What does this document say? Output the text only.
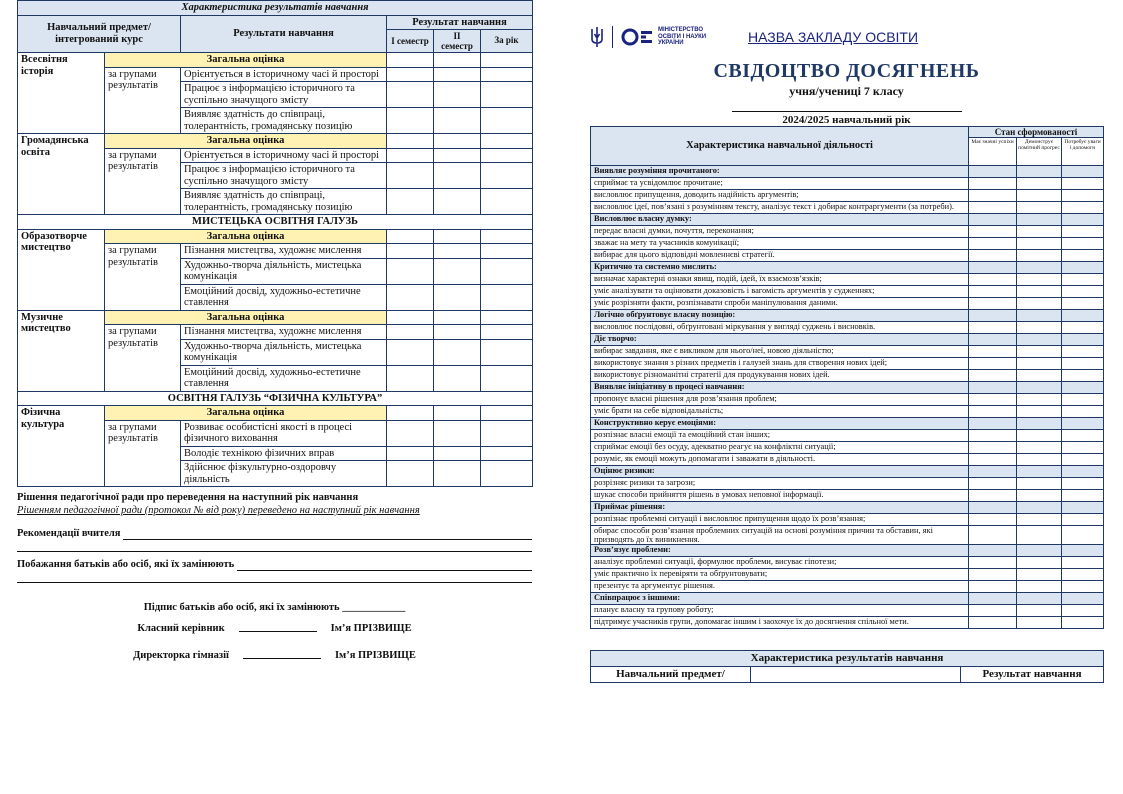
Характеристика результатів навчання					
Навчальний предмет/ інтегрований курс		Результати навчання	Результат навчання		
			I семестр	II семестр	За рік
Всесвітня історія	Загальна оцінка				
	за групами результатів	Орієнтується в історичному часі й просторі			
		Працює з інформацією історичного та суспільно значущого змісту			
		Виявляє здатність до співпраці, толерантність, громадянську позицію			
Громадянська освіта	Загальна оцінка				
	за групами результатів	Орієнтується в історичному часі й просторі			
		Працює з інформацією історичного та суспільно значущого змісту			
		Виявляє здатність до співпраці, толерантність, громадянську позицію			
МИСТЕЦЬКА ОСВІТНЯ ГАЛУЗЬ					
Образотворче мистецтво	Загальна оцінка				
	за групами результатів	Пізнання мистецтва, художнє мислення			
		Художньо-творча діяльність, мистецька комунікація			
		Емоційний досвід, художньо-естетичне ставлення			
Музичне мистецтво	Загальна оцінка				
	за групами результатів	Пізнання мистецтва, художнє мислення			
		Художньо-творча діяльність, мистецька комунікація			
		Емоційний досвід, художньо-естетичне ставлення			
ОСВІТНЯ ГАЛУЗЬ “ФІЗИЧНА КУЛЬТУРА”					
Фізична культура	Загальна оцінка				
	за групами результатів	Розвиває особистісні якості в процесі фізичного виховання			
		Володіє технікою фізичних вправ			
		Здійснює фізкультурно-оздоровчу діяльність			
Рішення педагогічної ради про переведення на наступний рік навчання
Рішенням педагогічної ради (протокол № від року) переведено на наступний рік навчання
Рекомендації вчителя
Побажання батьків або осіб, які їх замінюють
Підпис батьків або осіб, які їх замінюють ____________
Класний керівник	Ім’я ПРІЗВИЩЕ
Директорка гімназії	Ім’я ПРІЗВИЩЕ
МІНІСТЕРСТВО ОСВІТИ І НАУКИ УКРАЇНИ	НАЗВА ЗАКЛАДУ ОСВІТИ
СВІДОЦТВО ДОСЯГНЕНЬ
учня/учениці 7 класу
2024/2025 навчальний рік
Характеристика навчальної діяльності	Стан сформованості		
	Має значні успіхи	Демонструє помітний прогрес	Потребує уваги і допомоги
Виявляє розуміння прочитаного:			
сприймає та усвідомлює прочитане;			
висловлює припущення, доводить надійність аргументів;			
висловлює ідеї, пов’язані з розумінням тексту, аналізує текст і добирає контраргументи (за потреби).			
Висловлює власну думку:			
передає власні думки, почуття, переконання;			
зважає на мету та учасників комунікації;			
вибирає для цього відповідні мовленнєві стратегії.			
Критично та системно мислить:			
визначає характерні ознаки явищ, подій, ідей, їх взаємозв’язків;			
уміє аналізувати та оцінювати доказовість і вагомість аргументів у судженнях;			
уміє розрізняти факти, розпізнавати спроби маніпулювання даними.			
Логічно обґрунтовує власну позицію:			
висловлює послідовні, обґрунтовані міркування у вигляді суджень і висновків.			
Діє творчо:			
вибирає завдання, яке є викликом для нього/неї, новою діяльністю;			
використовує знання з різних предметів і галузей знань для створення нових ідей;			
використовує різноманітні стратегії для продукування нових ідей.			
Виявляє ініціативу в процесі навчання:			
пропонує власні рішення для розв’язання проблем;			
уміє брати на себе відповідальність;			
Конструктивно керує емоціями:			
розпізнає власні емоції та емоційний стан інших;			
сприймає емоції без осуду, адекватно реагує на конфліктні ситуації;			
розуміє, як емоції можуть допомагати і заважати в діяльності.			
Оцінює ризики:			
розрізняє ризики та загрози;			
шукає способи прийняття рішень в умовах неповної інформації.			
Приймає рішення:			
розпізнає проблемні ситуації і висловлює припущення щодо їх розв’язання;			
обирає способи розв’язання проблемних ситуацій на основі розуміння причин та обставин, які призводять до їх виникнення.			
Розв’язує проблеми:			
аналізує проблемні ситуації, формулює проблеми, висуває гіпотези;			
уміє практично їх перевіряти та обґрунтовувати;			
презентує та аргументує рішення.			
Співпрацює з іншими:			
планує власну та групову роботу;			
підтримує учасників групи, допомагає іншим і заохочує їх до досягнення спільної мети.			
Характеристика результатів навчання
Навчальний предмет/		Результат навчання
